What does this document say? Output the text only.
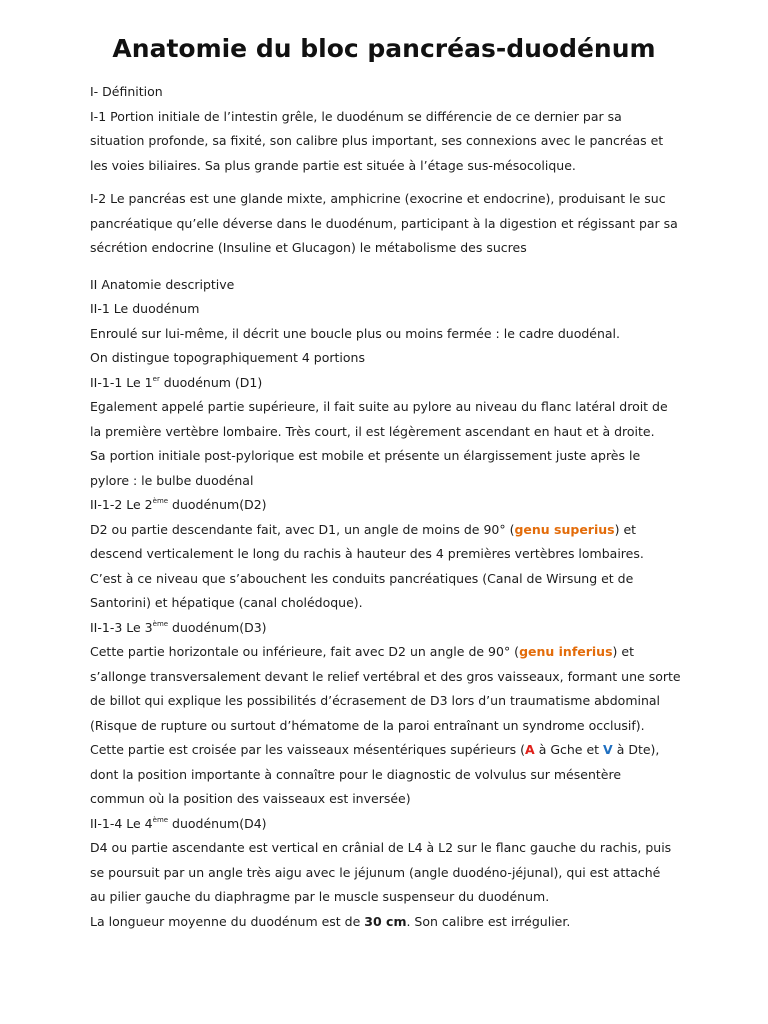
Anatomie du bloc pancréas-duodénum

I- Définition

I-1 Portion initiale de l’intestin grêle, le duodénum se différencie de ce dernier par sa

situation profonde, sa fixité, son calibre plus important, ses connexions avec le pancréas et

les voies biliaires. Sa plus grande partie est située à l’étage sus-mésocolique.

I-2 Le pancréas est une glande mixte, amphicrine (exocrine et endocrine), produisant le suc

pancréatique qu’elle déverse dans le duodénum, participant à la digestion et régissant par sa

sécrétion endocrine (Insuline et Glucagon) le métabolisme des sucres

II Anatomie descriptive

II-1 Le duodénum

Enroulé sur lui-même, il décrit une boucle plus ou moins fermée : le cadre duodénal.

On distingue topographiquement 4 portions

II-1-1 Le 1er duodénum (D1)

Egalement appelé partie supérieure, il fait suite au pylore au niveau du flanc latéral droit de

la première vertèbre lombaire. Très court, il est légèrement ascendant en haut et à droite.

Sa portion initiale post-pylorique est mobile et présente un élargissement juste après le

pylore : le bulbe duodénal

II-1-2 Le 2ème duodénum(D2)

D2 ou partie descendante fait, avec D1, un angle de moins de 90° (genu superius) et

descend verticalement le long du rachis à hauteur des 4 premières vertèbres lombaires.

C’est à ce niveau que s’abouchent les conduits pancréatiques (Canal de Wirsung et de

Santorini) et hépatique (canal cholédoque).

II-1-3 Le 3ème duodénum(D3)

Cette partie horizontale ou inférieure, fait avec D2 un angle de 90° (genu inferius) et

s’allonge transversalement devant le relief vertébral et des gros vaisseaux, formant une sorte

de billot qui explique les possibilités d’écrasement de D3 lors d’un traumatisme abdominal

(Risque de rupture ou surtout d’hématome de la paroi entraînant un syndrome occlusif).

Cette partie est croisée par les vaisseaux mésentériques supérieurs (A à Gche et V à Dte),

dont la position importante à connaître pour le diagnostic de volvulus sur mésentère

commun où la position des vaisseaux est inversée)

II-1-4 Le 4ème duodénum(D4)

D4 ou partie ascendante est vertical en crânial de L4 à L2 sur le flanc gauche du rachis, puis

se poursuit par un angle très aigu avec le jéjunum (angle duodéno-jéjunal), qui est attaché

au pilier gauche du diaphragme par le muscle suspenseur du duodénum.

La longueur moyenne du duodénum est de 30 cm. Son calibre est irrégulier.
